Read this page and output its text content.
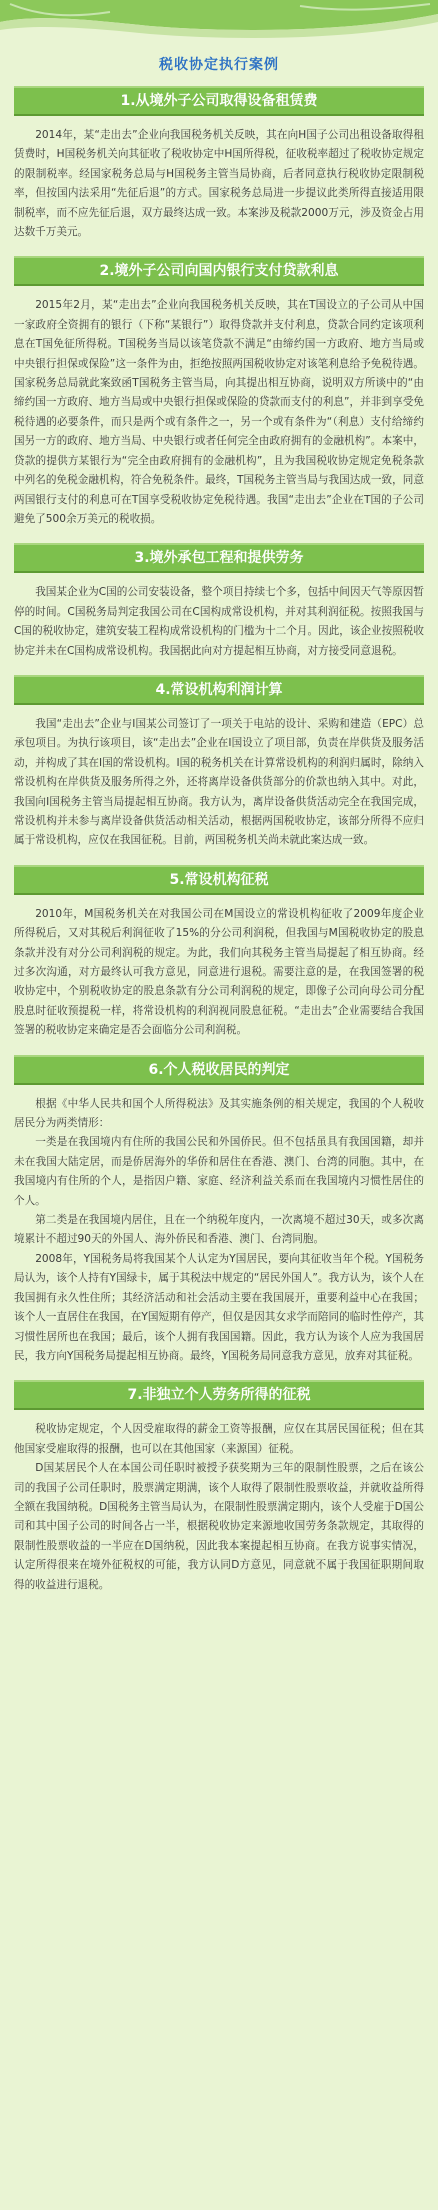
税收协定执行案例
1.从境外子公司取得设备租赁费

2014年，某“走出去”企业向我国税务机关反映，其在向H国子公司出租设备取得租赁费时，H国税务机关向其征收了税收协定中H国所得税，征收税率超过了税收协定规定的限制税率。经国家税务总局与H国税务主管当局协商，后者同意执行税收协定限制税率，但按国内法采用“先征后退”的方式。国家税务总局进一步提议此类所得直接适用限制税率，而不应先征后退，双方最终达成一致。本案涉及税款2000万元，涉及资金占用达数千万美元。

2.境外子公司向国内银行支付贷款利息

2015年2月，某“走出去”企业向我国税务机关反映，其在T国设立的子公司从中国一家政府全资拥有的银行（下称“某银行”）取得贷款并支付利息，贷款合同约定该项利息在T国免征所得税。T国税务当局以该笔贷款不满足“由缔约国一方政府、地方当局或中央银行担保或保险”这一条件为由，拒绝按照两国税收协定对该笔利息给予免税待遇。国家税务总局就此案致函T国税务主管当局，向其提出相互协商，说明双方所谈中的“由缔约国一方政府、地方当局或中央银行担保或保险的贷款而支付的利息”，并非到享受免税待遇的必要条件，而只是两个或有条件之一，另一个或有条件为“（利息）支付给缔约国另一方的政府、地方当局、中央银行或者任何完全由政府拥有的金融机构”。本案中，贷款的提供方某银行为“完全由政府拥有的金融机构”，且为我国税收协定规定免税条款中列名的免税金融机构，符合免税条件。最终，T国税务主管当局与我国达成一致，同意两国银行支付的利息可在T国享受税收协定免税待遇。我国“走出去”企业在T国的子公司避免了500余万美元的税收损。

3.境外承包工程和提供劳务

我国某企业为C国的公司安装设备，整个项目持续七个多，包括中间因天气等原因暂停的时间。C国税务局判定我国公司在C国构成常设机构，并对其利润征税。按照我国与C国的税收协定，建筑安装工程构成常设机构的门槛为十二个月。因此，该企业按照税收协定并未在C国构成常设机构。我国据此向对方提起相互协商，对方接受同意退税。

4.常设机构利润计算

我国“走出去”企业与I国某公司签订了一项关于电站的设计、采购和建造（EPC）总承包项目。为执行该项目，该“走出去”企业在I国设立了项目部，负责在岸供货及服务活动，并构成了其在I国的常设机构。I国的税务机关在计算常设机构的利润归属时，除纳入常设机构在岸供货及服务所得之外，还将离岸设备供货部分的价款也纳入其中。对此，我国向I国税务主管当局提起相互协商。我方认为，离岸设备供货活动完全在我国完成，常设机构并未参与离岸设备供货活动相关活动，根据两国税收协定，该部分所得不应归属于常设机构，应仅在我国征税。目前，两国税务机关尚未就此案达成一致。

5.常设机构征税

2010年，M国税务机关在对我国公司在M国设立的常设机构征收了2009年度企业所得税后，又对其税后利润征收了15%的分公司利润税，但我国与M国税收协定的股息条款并没有对分公司利润税的规定。为此，我们向其税务主管当局提起了相互协商。经过多次沟通，对方最终认可我方意见，同意进行退税。需要注意的是，在我国签署的税收协定中，个别税收协定的股息条款有分公司利润税的规定，即像子公司向母公司分配股息时征收预提税一样，将常设机构的利润视同股息征税。“走出去”企业需要结合我国签署的税收协定来确定是否会面临分公司利润税。

6.个人税收居民的判定

根据《中华人民共和国个人所得税法》及其实施条例的相关规定，我国的个人税收居民分为两类情形：

一类是在我国境内有住所的我国公民和外国侨民。但不包括虽具有我国国籍，却并未在我国大陆定居，而是侨居海外的华侨和居住在香港、澳门、台湾的同胞。其中，在我国境内有住所的个人，是指因户籍、家庭、经济利益关系而在我国境内习惯性居住的个人。

第二类是在我国境内居住，且在一个纳税年度内，一次离境不超过30天，或多次离境累计不超过90天的外国人、海外侨民和香港、澳门、台湾同胞。

2008年，Y国税务局将我国某个人认定为Y国居民，要向其征收当年个税。Y国税务局认为，该个人持有Y国绿卡，属于其税法中规定的“居民外国人”。我方认为，该个人在我国拥有永久性住所；其经济活动和社会活动主要在我国展开，重要利益中心在我国；该个人一直居住在我国，在Y国短期有停产，但仅是因其女求学而陪同的临时性停产，其习惯性居所也在我国；最后，该个人拥有我国国籍。因此，我方认为该个人应为我国居民，我方向Y国税务局提起相互协商。最终，Y国税务局同意我方意见，放弃对其征税。

7.非独立个人劳务所得的征税

税收协定规定，个人因受雇取得的薪金工资等报酬，应仅在其居民国征税；但在其他国家受雇取得的报酬，也可以在其他国家（来源国）征税。

D国某居民个人在本国公司任职时被授予获奖期为三年的限制性股票，之后在该公司的我国子公司任职时，股票满定期满，该个人取得了限制性股票收益，并就收益所得全额在我国纳税。D国税务主管当局认为，在限制性股票满定期内，该个人受雇于D国公司和其中国子公司的时间各占一半，根据税收协定来源地收国劳务条款规定，其取得的限制性股票收益的一半应在D国纳税，因此我本案提起相互协商。在我方说事实情况，认定所得很来在境外征税权的可能，我方认同D方意见，同意就不属于我国征职期间取得的收益进行退税。
